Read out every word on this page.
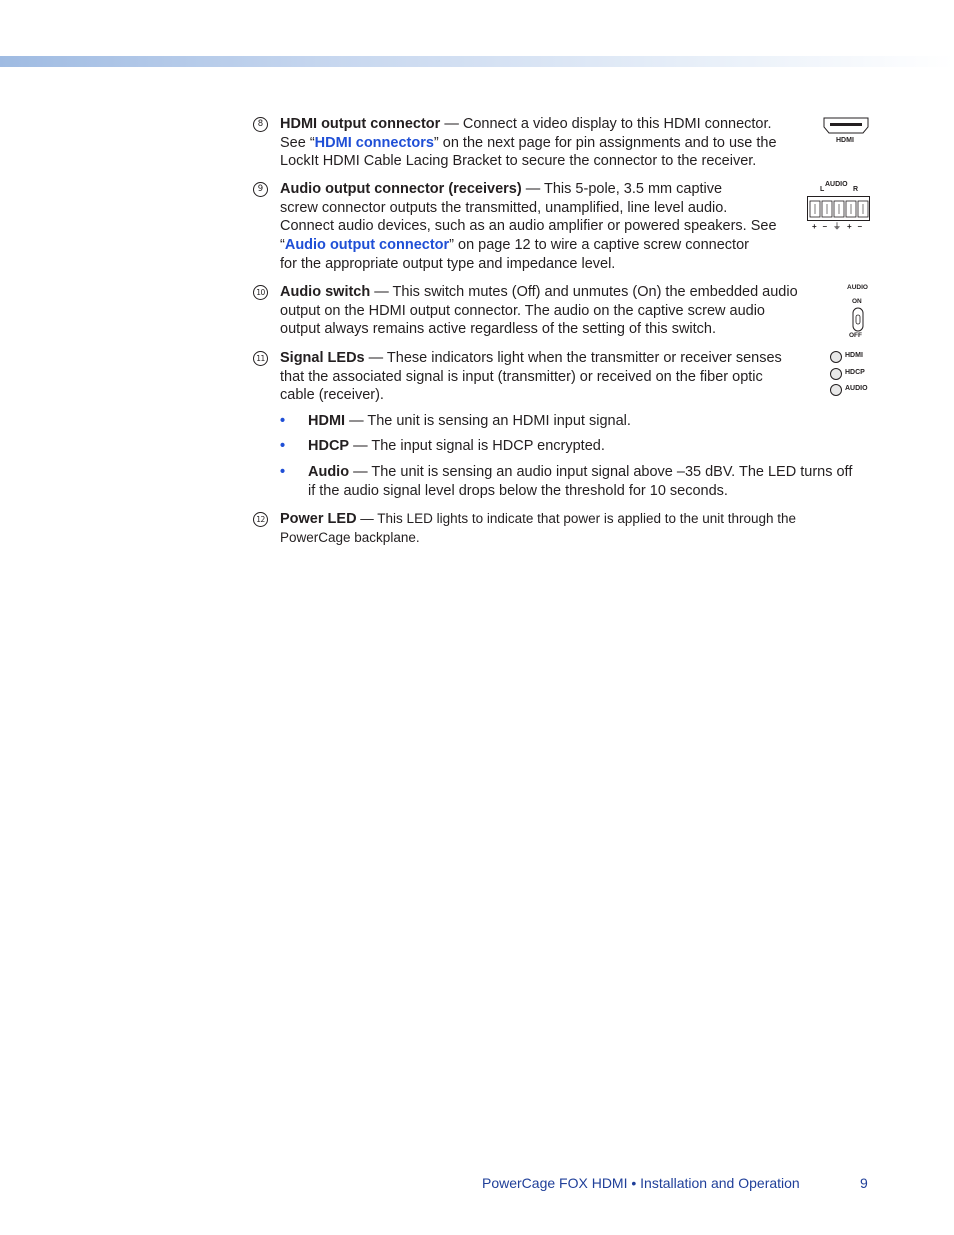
8	HDMI output connector — Connect a video display to this HDMI connector.
See “HDMI connectors” on the next page for pin assignments and to use the
LockIt HDMI Cable Lacing Bracket to secure the connector to the receiver.
HDMI
9	Audio output connector (receivers) — This 5-pole, 3.5 mm captive
screw connector outputs the transmitted, unamplified, line level audio.
Connect audio devices, such as an audio amplifier or powered speakers. See
“Audio output connector” on page 12 to wire a captive screw connector
for the appropriate output type and impedance level.
AUDIO
L	R
+  –  ⏚  +  –
10 Audio switch — This switch mutes (Off) and unmutes (On) the embedded audio
output on the HDMI output connector. The audio on the captive screw audio
output always remains active regardless of the setting of this switch.
AUDIO
ON
OFF
11 Signal LEDs — These indicators light when the transmitter or receiver senses
that the associated signal is input (transmitter) or received on the fiber optic
cable (receiver).
HDMI
HDCP
AUDIO
• HDMI — The unit is sensing an HDMI input signal.
• HDCP — The input signal is HDCP encrypted.
• Audio — The unit is sensing an audio input signal above –35 dBV. The LED turns off
if the audio signal level drops below the threshold for 10 seconds.
12 Power LED — This LED lights to indicate that power is applied to the unit through the
PowerCage backplane.
PowerCage FOX HDMI • Installation and Operation	9
